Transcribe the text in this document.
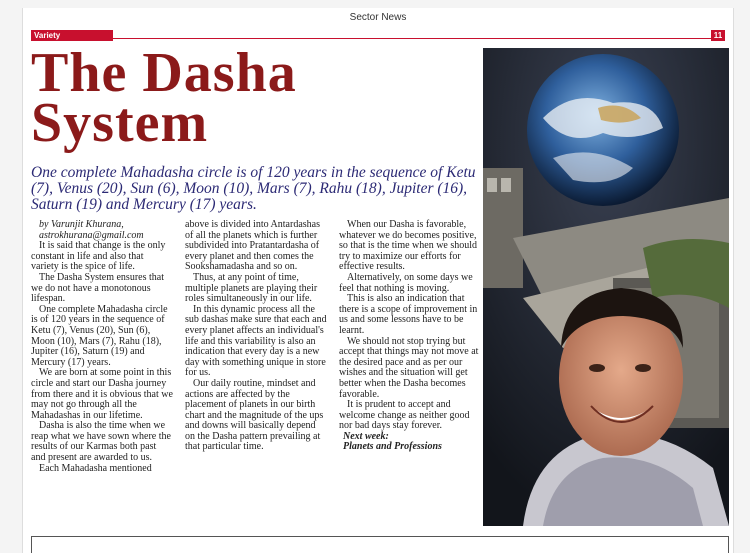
Sector News
Variety	11
The Dasha
System
One complete Mahadasha circle is of 120 years in the sequence of Ketu (7), Venus (20), Sun (6), Moon (10), Mars (7), Rahu (18), Jupiter (16), Saturn (19) and Mercury (17) years.

by Varunjit Khurana,

astrokhurana@gmail.com

It is said that change is the only constant in life and also that variety is the spice of life.

The Dasha System ensures that we do not have a monotonous lifespan.

One complete Mahadasha circle is of 120 years in the sequence of Ketu (7), Venus (20), Sun (6), Moon (10), Mars (7), Rahu (18), Jupiter (16), Saturn (19) and Mercury (17) years.

We are born at some point in this circle and start our Dasha journey from there and it is obvious that we may not go through all the Mahadashas in our lifetime.

Dasha is also the time when we reap what we have sown where the results of our Karmas both past and present are awarded to us.

Each Mahadasha mentioned

above is divided into Antardashas of all the planets which is further subdivided into Pratantardasha of every planet and then comes the Sookshamadasha and so on.

Thus, at any point of time, multiple planets are playing their roles simultaneously in our life.

In this dynamic process all the sub dashas make sure that each and every planet affects an individual's life and this variability is also an indication that every day is a new day with something unique in store for us.

Our daily routine, mindset and actions are affected by the placement of planets in our birth chart and the magnitude of the ups and downs will basically depend on the Dasha pattern prevailing at that particular time.

When our Dasha is favorable, whatever we do becomes positive, so that is the time when we should try to maximize our efforts for effective results.

Alternatively, on some days we feel that nothing is moving.

This is also an indication that there is a scope of improvement in us and some lessons have to be learnt.

We should not stop trying but accept that things may not move at the desired pace and as per our wishes and the situation will get better when the Dasha becomes favorable.

It is prudent to accept and welcome change as neither good nor bad days stay forever.

Next week:

Planets and Professions
